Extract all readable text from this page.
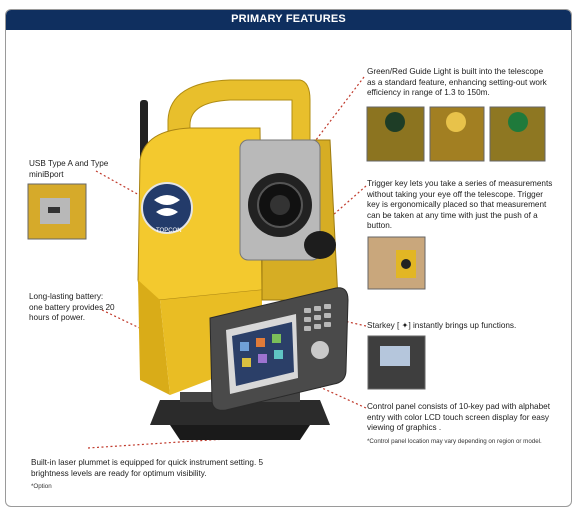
PRIMARY FEATURES
USB Type A and Type miniBport
Long-lasting battery: one battery provides 20 hours of power.
Green/Red Guide Light is built into the telescope as a standard feature, enhancing setting-out work efficiency in range of 1.3 to 150m.
Trigger key lets you take a series of measurements without taking your eye off the telescope. Trigger key is ergonomically placed so that measurement can be taken at any time with just the push of a button.
Starkey [ ✦] instantly brings up functions.
Control panel consists of 10-key pad with alphabet entry with color LCD touch screen display for easy viewing of graphics .
*Control panel location may vary depending on region or model.
Built-in laser plummet is equipped for quick instrument setting. 5 brightness levels are ready for optimum visibility.
*Option
TOPCON
